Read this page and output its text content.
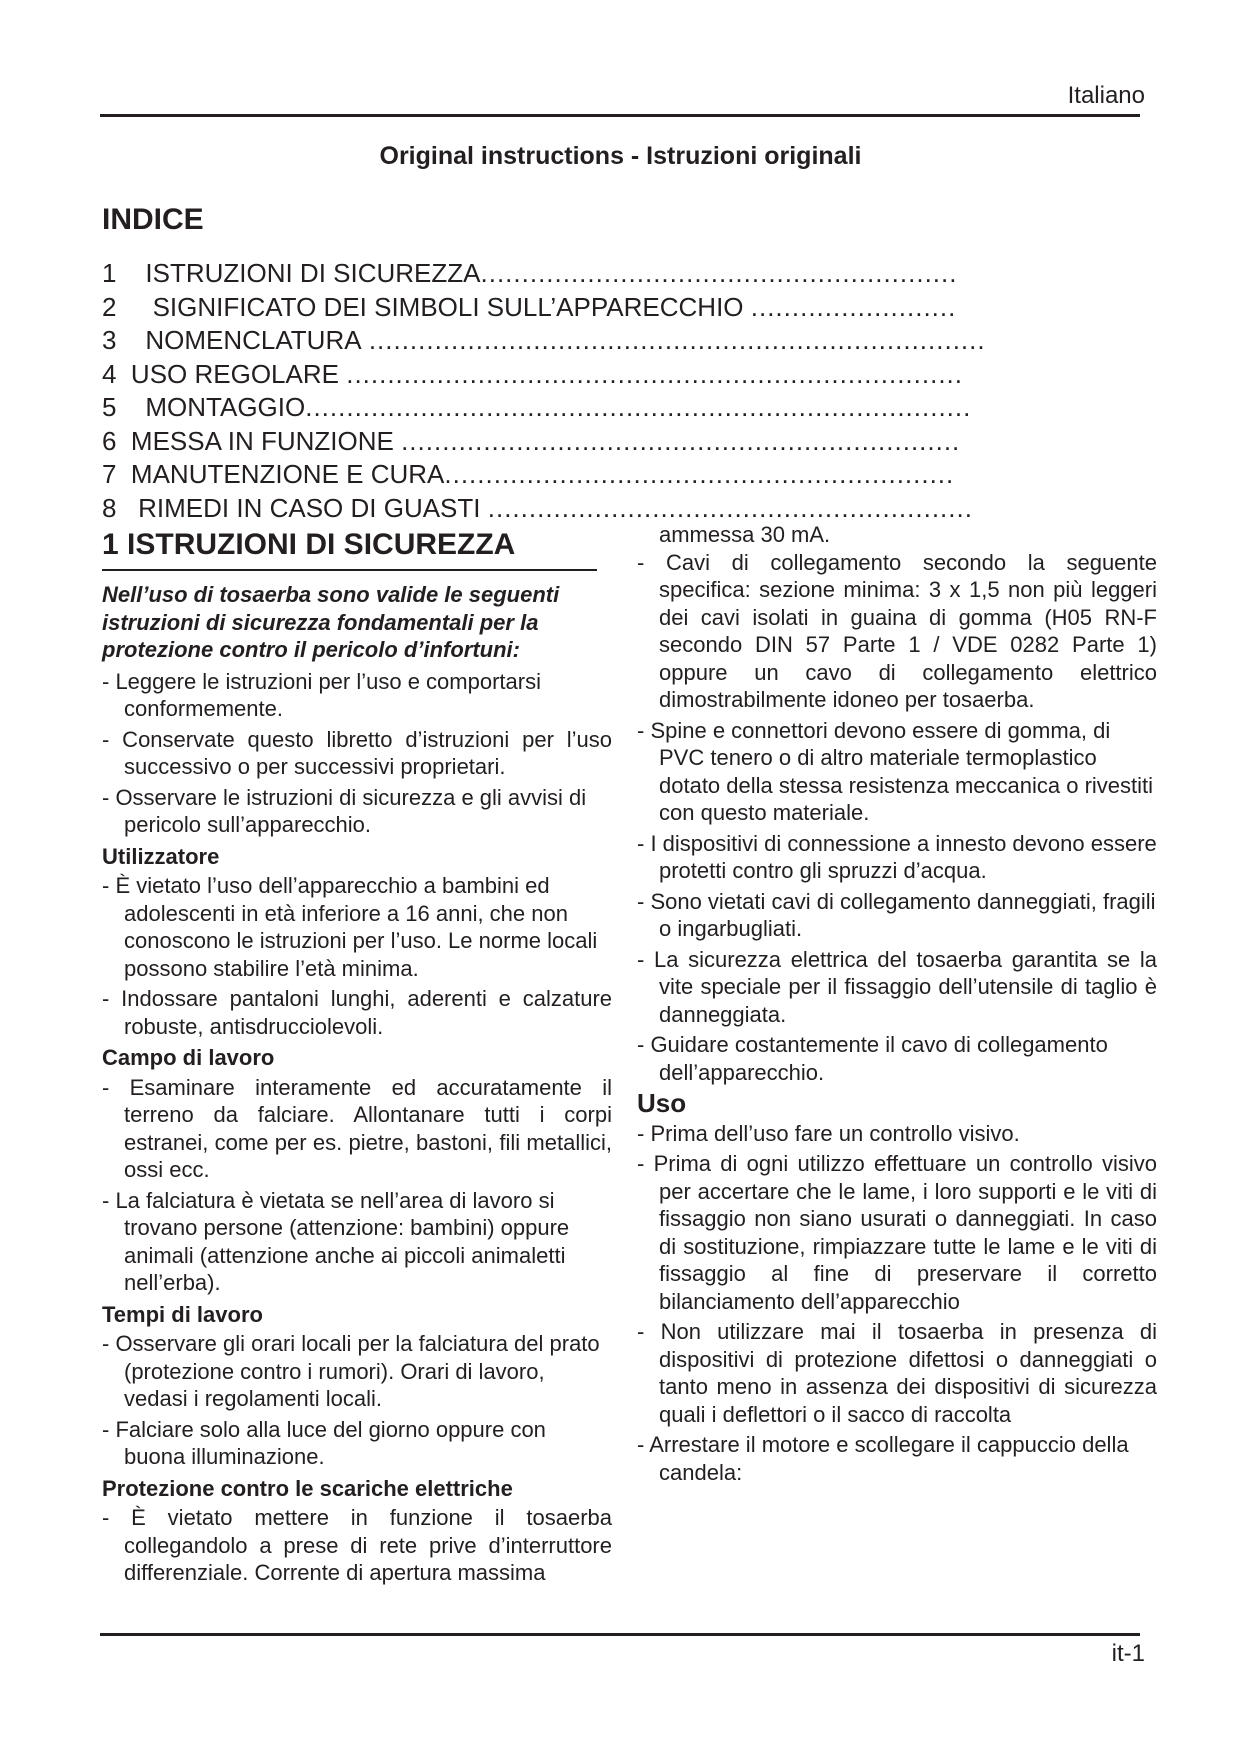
Italiano
Original instructions - Istruzioni originali
INDICE
1 ISTRUZIONI DI SICUREZZA..........................................................
2 SIGNIFICATO DEI SIMBOLI SULL’APPARECCHIO .........................
3 NOMENCLATURA ...........................................................................
4 USO REGOLARE ...........................................................................
5 MONTAGGIO.................................................................................
6 MESSA IN FUNZIONE ....................................................................
7 MANUTENZIONE E CURA..............................................................
8 RIMEDI IN CASO DI GUASTI ...........................................................
1 ISTRUZIONI DI SICUREZZA
Nell’uso di tosaerba sono valide le seguenti istruzioni di sicurezza fondamentali per la protezione contro il pericolo d’infortuni:
- Leggere le istruzioni per l’uso e comportarsi conformemente.
- Conservate questo libretto d’istruzioni per l’uso successivo o per successivi proprietari.
- Osservare le istruzioni di sicurezza e gli avvisi di pericolo sull’apparecchio.
Utilizzatore
- È vietato l’uso dell’apparecchio a bambini ed adolescenti in età inferiore a 16 anni, che non conoscono le istruzioni per l’uso. Le norme locali possono stabilire l’età minima.
- Indossare pantaloni lunghi, aderenti e calzature robuste, antisdrucciolevoli.
Campo di lavoro
- Esaminare interamente ed accuratamente il terreno da falciare. Allontanare tutti i corpi estranei, come per es. pietre, bastoni, fili metallici, ossi ecc.
- La falciatura è vietata se nell’area di lavoro si trovano persone (attenzione: bambini) oppure animali (attenzione anche ai piccoli animaletti nell’erba).
Tempi di lavoro
- Osservare gli orari locali per la falciatura del prato (protezione contro i rumori). Orari di lavoro, vedasi i regolamenti locali.
- Falciare solo alla luce del giorno oppure con buona illuminazione.
Protezione contro le scariche elettriche
- È vietato mettere in funzione il tosaerba collegandolo a prese di rete prive d’interruttore differenziale. Corrente di apertura massima
ammessa 30 mA.
- Cavi di collegamento secondo la seguente specifica: sezione minima: 3 x 1,5 non più leggeri dei cavi isolati in guaina di gomma (H05 RN-F secondo DIN 57 Parte 1 / VDE 0282 Parte 1) oppure un cavo di collegamento elettrico dimostrabilmente idoneo per tosaerba.
- Spine e connettori devono essere di gomma, di PVC tenero o di altro materiale termoplastico dotato della stessa resistenza meccanica o rivestiti con questo materiale.
- I dispositivi di connessione a innesto devono essere protetti contro gli spruzzi d’acqua.
- Sono vietati cavi di collegamento danneggiati, fragili o ingarbugliati.
- La sicurezza elettrica del tosaerba garantita se la vite speciale per il fissaggio dell’utensile di taglio è danneggiata.
- Guidare costantemente il cavo di collegamento dell’apparecchio.
Uso
- Prima dell’uso fare un controllo visivo.
- Prima di ogni utilizzo effettuare un controllo visivo per accertare che le lame, i loro supporti e le viti di fissaggio non siano usurati o danneggiati. In caso di sostituzione, rimpiazzare tutte le lame e le viti di fissaggio al fine di preservare il corretto bilanciamento dell’apparecchio
- Non utilizzare mai il tosaerba in presenza di dispositivi di protezione difettosi o danneggiati o tanto meno in assenza dei dispositivi di sicurezza quali i deflettori o il sacco di raccolta
- Arrestare il motore e scollegare il cappuccio della candela:
it-1
